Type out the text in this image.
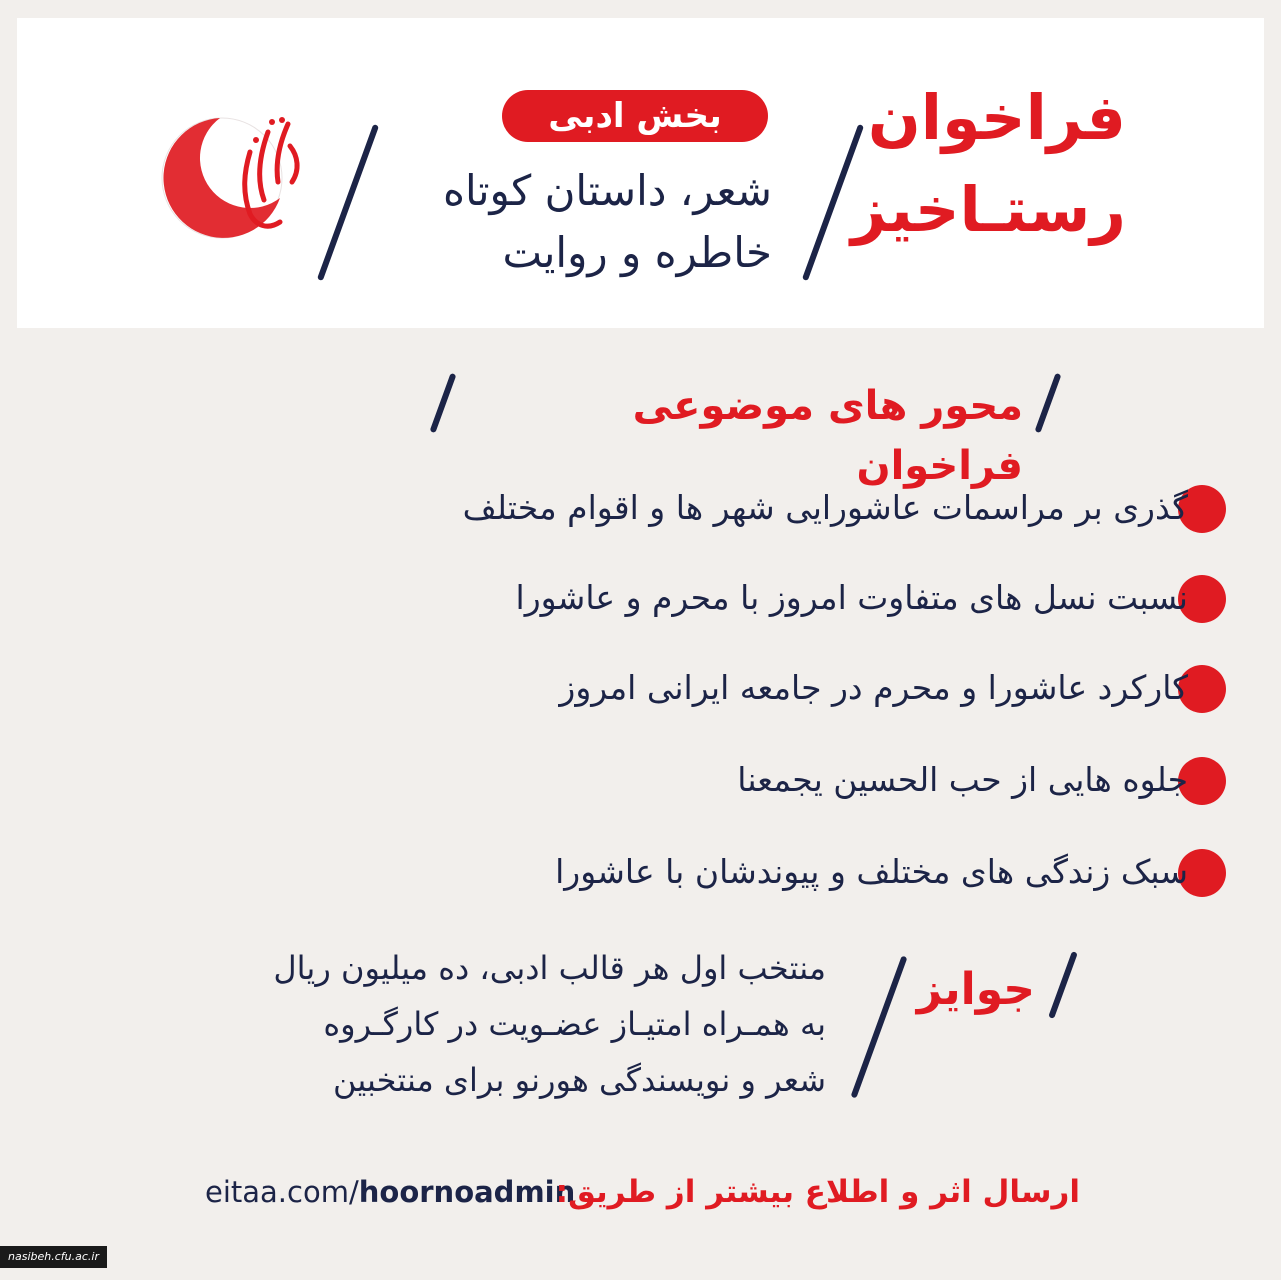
فراخوان
رستـاخیز
بخش ادبی
شعر، داستان کوتاه
خاطره و روایت
محور های موضوعی فراخوان
گذری بر مراسمات عاشورایی شهر ها و اقوام مختلف
نسبت نسل های متفاوت امروز با محرم و عاشورا
کارکرد عاشورا و محرم در جامعه ایرانی امروز
جلوه هایی از حب الحسین یجمعنا
سبک زندگی های مختلف و پیوندشان با عاشورا
جوایز
منتخب اول هر قالب ادبی، ده میلیون ریال
به همـراه امتیـاز عضـویت در کارگـروه
شعر و نویسندگی هورنو برای منتخبین
eitaa.com/hoornoadmin
ارسال اثر و اطلاع بیشتر از طریق:
nasibeh.cfu.ac.ir
